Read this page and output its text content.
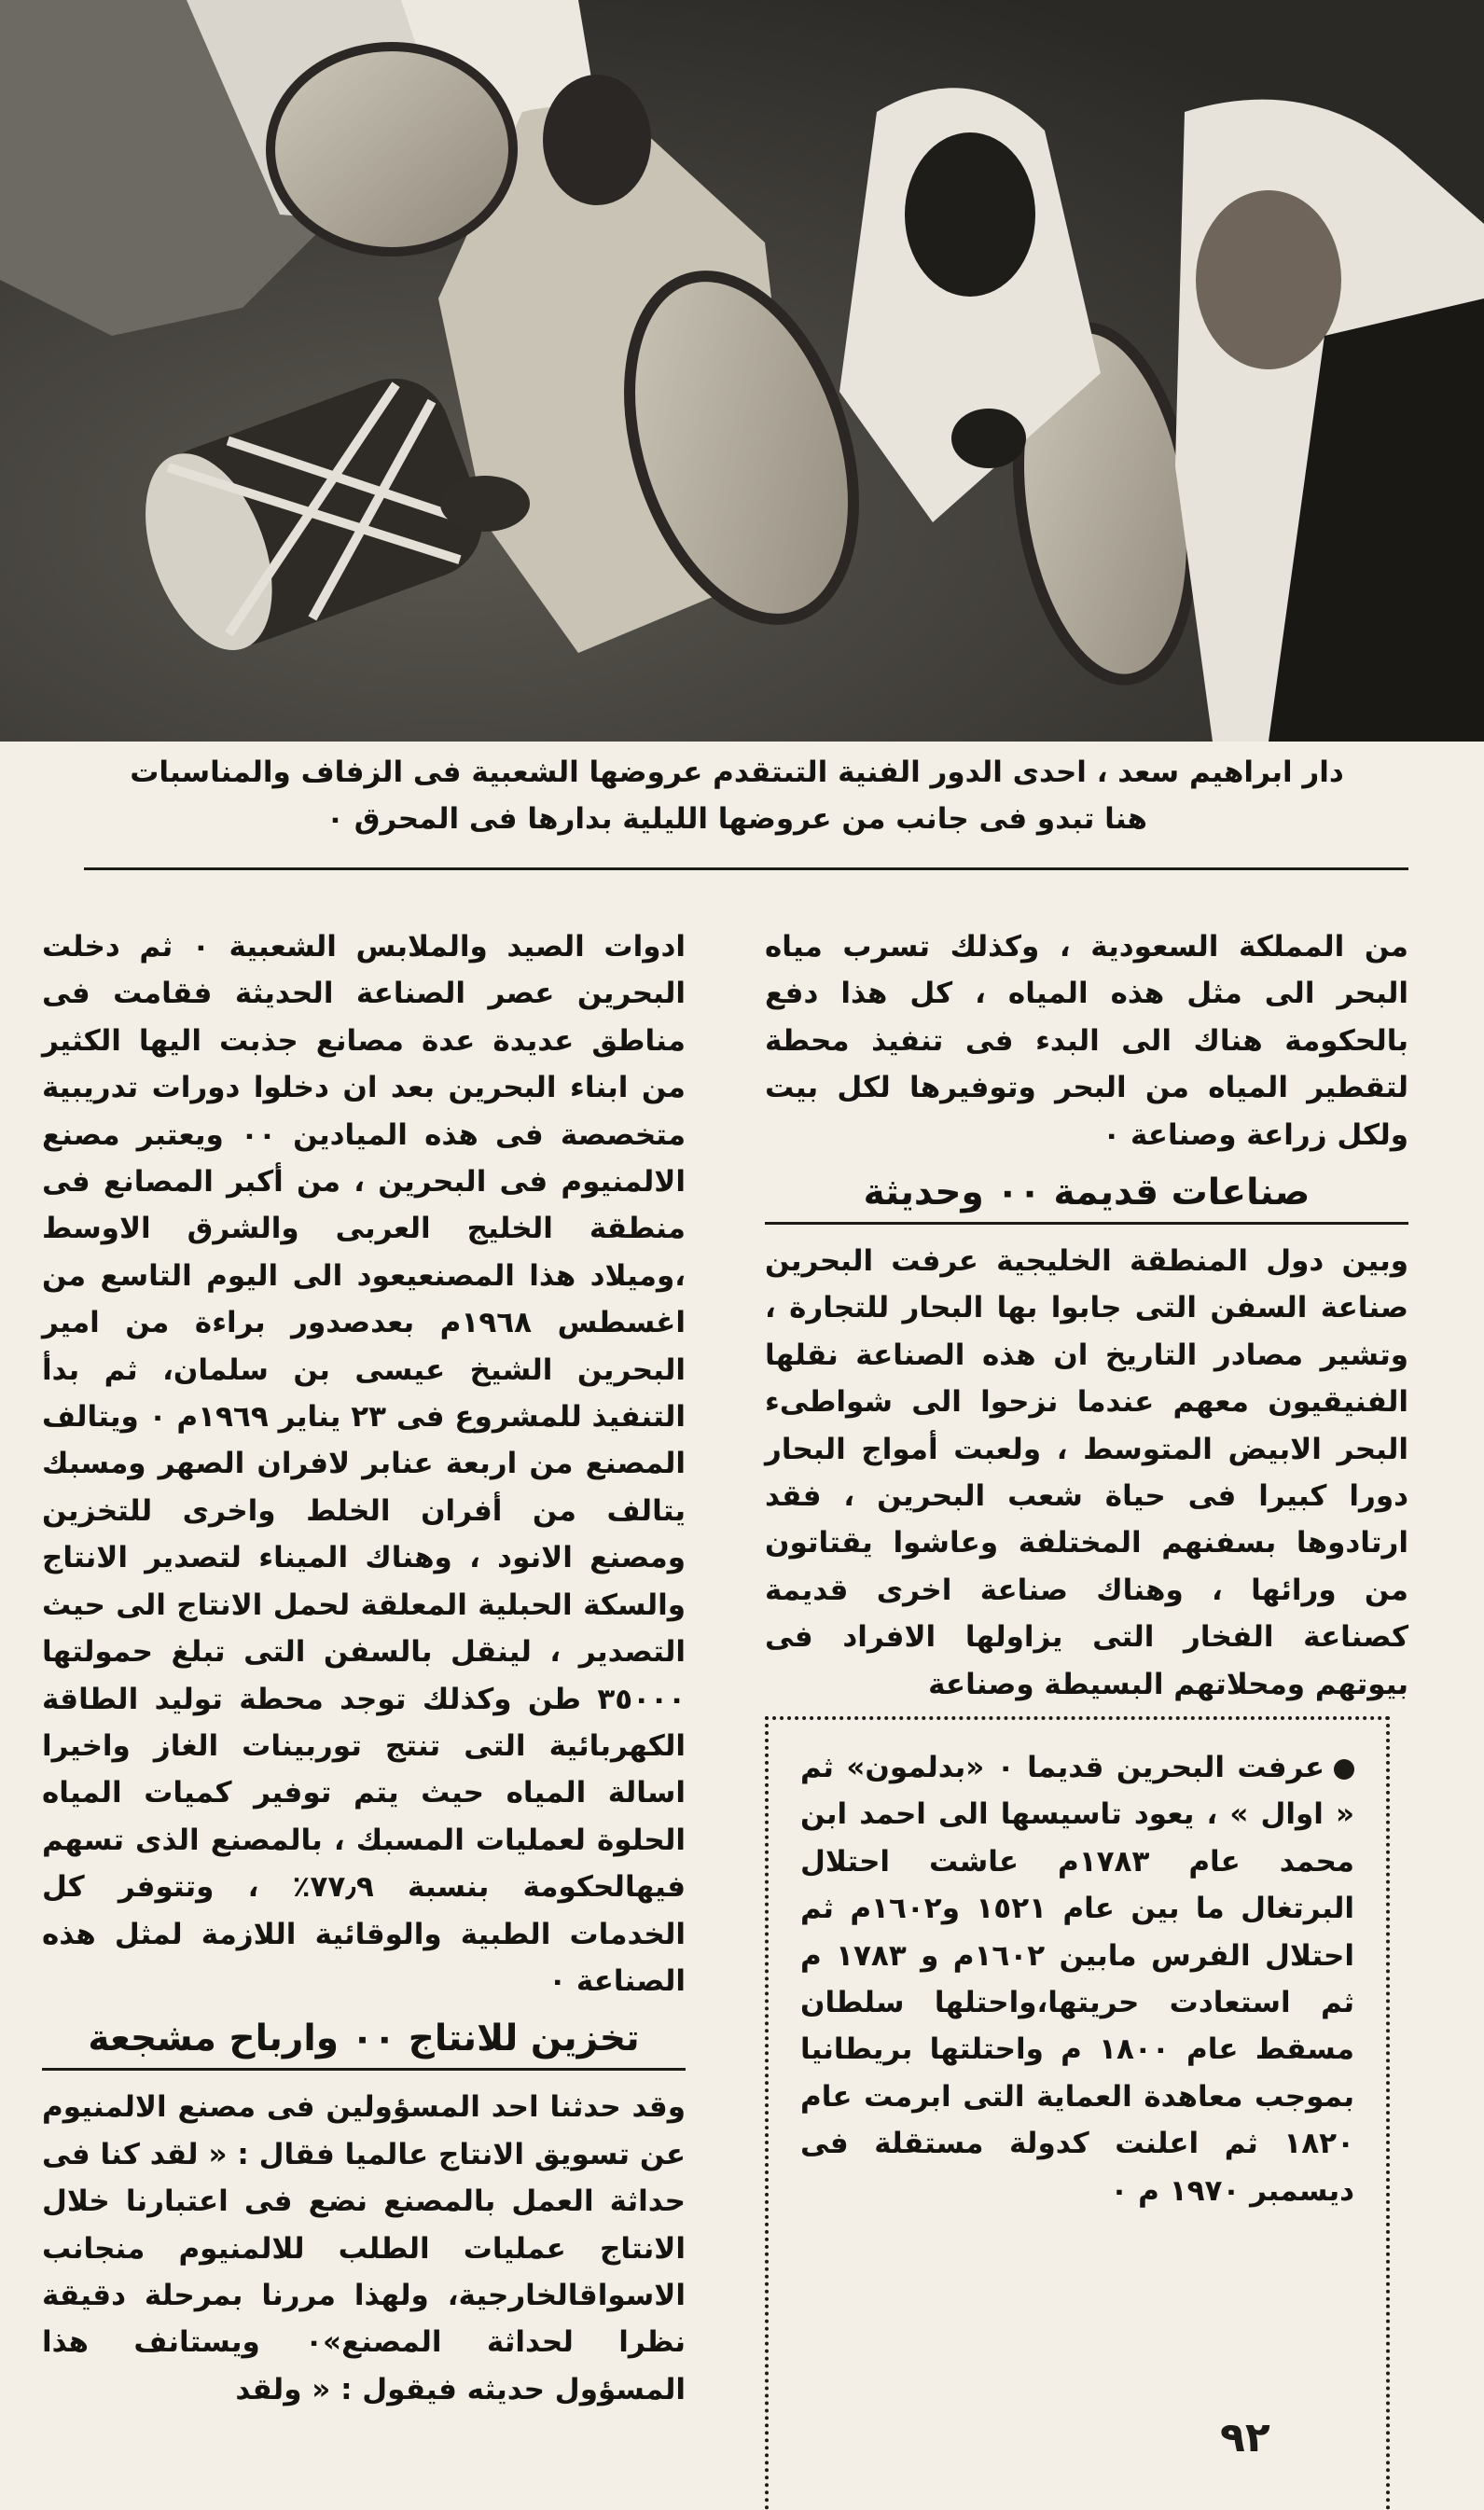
دار ابراهيم سعد ، احدى الدور الفنية التىتقدم عروضها الشعبية فى الزفاف والمناسبات
هنا تبدو فى جانب من عروضها الليلية بدارها فى المحرق ٠

من المملكة السعودية ، وكذلك تسرب مياه البحر الى مثل هذه المياه ، كل هذا دفع بالحكومة هناك الى البدء فى تنفيذ محطة لتقطير المياه من البحر وتوفيرها لكل بيت ولكل زراعة وصناعة ٠

صناعات قديمة ٠٠ وحديثة

وبين دول المنطقة الخليجية عرفت البحرين صناعة السفن التى جابوا بها البحار للتجارة ، وتشير مصادر التاريخ ان هذه الصناعة نقلها الفنيقيون معهم عندما نزحوا الى شواطىء البحر الابيض المتوسط ، ولعبت أمواج البحار دورا كبيرا فى حياة شعب البحرين ، فقد ارتادوها بسفنهم المختلفة وعاشوا يقتاتون من ورائها ، وهناك صناعة اخرى قديمة كصناعة الفخار التى يزاولها الافراد فى بيوتهم ومحلاتهم البسيطة وصناعة

عرفت البحرين قديما ٠ «بدلمون» ثم « اوال » ، يعود تاسيسها الى احمد ابن محمد عام ١٧٨٣م عاشت احتلال البرتغال ما بين عام ١٥٢١ و١٦٠٢م ثم احتلال الفرس مابين ١٦٠٢م و ١٧٨٣ م ثم استعادت حريتها،واحتلها سلطان مسقط عام ١٨٠٠ م واحتلتها بريطانيا بموجب معاهدة العماية التى ابرمت عام ١٨٢٠ ثم اعلنت كدولة مستقلة فى ديسمبر ١٩٧٠ م ٠

ادوات الصيد والملابس الشعبية ٠ ثم دخلت البحرين عصر الصناعة الحديثة فقامت فى مناطق عديدة عدة مصانع جذبت اليها الكثير من ابناء البحرين بعد ان دخلوا دورات تدريبية متخصصة فى هذه الميادين ٠٠ ويعتبر مصنع الالمنيوم فى البحرين ، من أكبر المصانع فى منطقة الخليج العربى والشرق الاوسط ،وميلاد هذا المصنعيعود الى اليوم التاسع من اغسطس ١٩٦٨م بعدصدور براءة من امير البحرين الشيخ عيسى بن سلمان، ثم بدأ التنفيذ للمشروع فى ٢٣ يناير ١٩٦٩م ٠ ويتالف المصنع من اربعة عنابر لافران الصهر ومسبك يتالف من أفران الخلط واخرى للتخزين ومصنع الانود ، وهناك الميناء لتصدير الانتاج والسكة الحبلية المعلقة لحمل الانتاج الى حيث التصدير ، لينقل بالسفن التى تبلغ حمولتها ٣٥٠٠٠ طن وكذلك توجد محطة توليد الطاقة الكهربائية التى تنتج توربينات الغاز واخيرا اسالة المياه حيث يتم توفير كميات المياه الحلوة لعمليات المسبك ، بالمصنع الذى تسهم فيهالحكومة بنسبة ٧٧٫٩٪ ، وتتوفر كل الخدمات الطبية والوقائية اللازمة لمثل هذه الصناعة ٠

تخزين للانتاج ٠٠ وارباح مشجعة

وقد حدثنا احد المسؤولين فى مصنع الالمنيوم عن تسويق الانتاج عالميا فقال : « لقد كنا فى حداثة العمل بالمصنع نضع فى اعتبارنا خلال الانتاج عمليات الطلب للالمنيوم منجانب الاسواقالخارجية، ولهذا مررنا بمرحلة دقيقة نظرا لحداثة المصنع»٠ ويستانف هذا المسؤول حديثه فيقول : « ولقد

٩٢
